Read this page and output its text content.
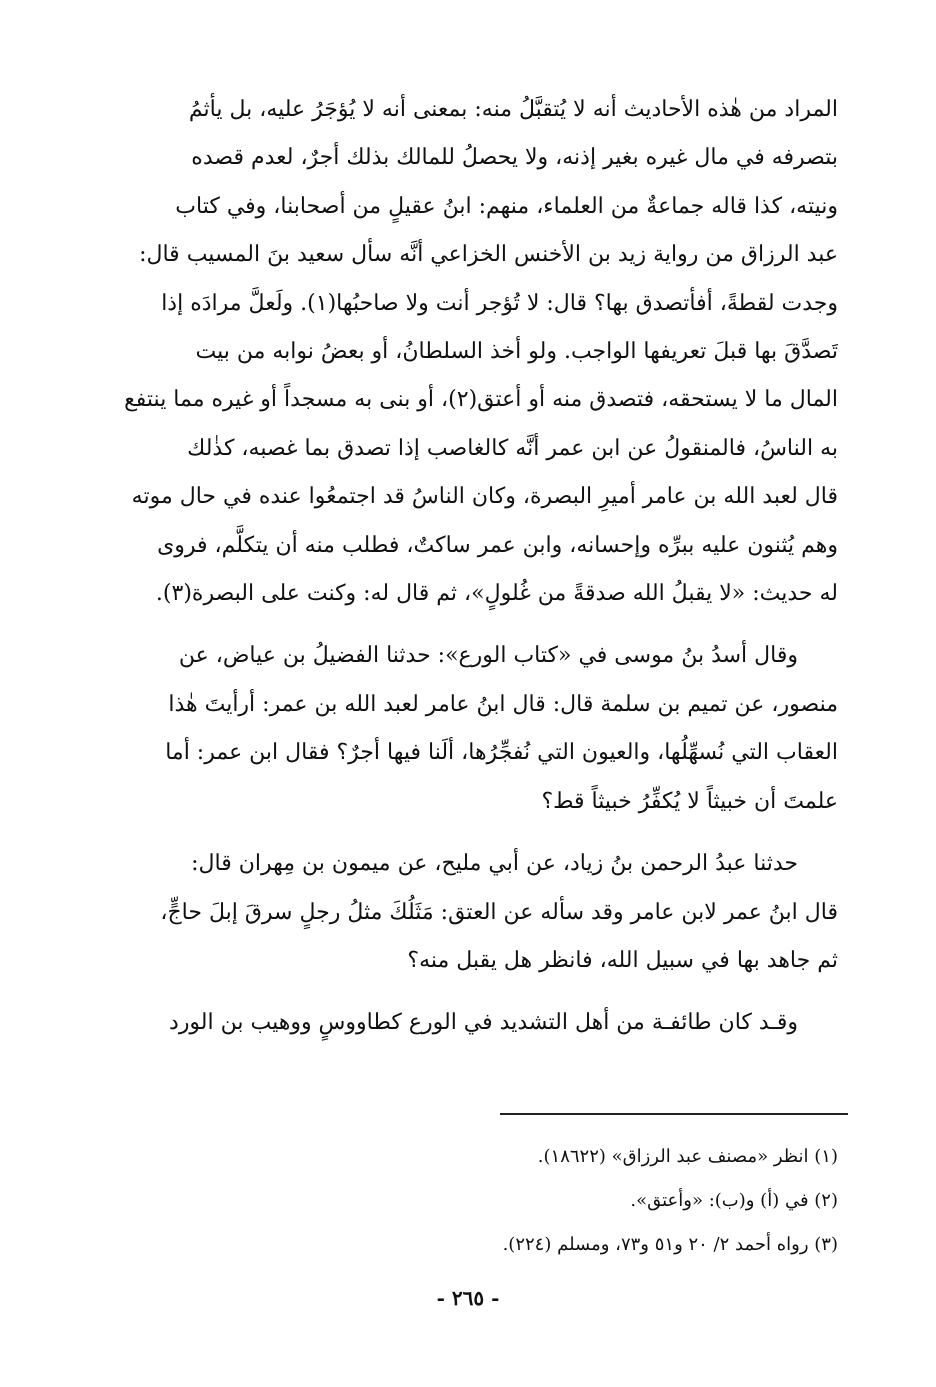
المراد من هٰذه الأحاديث أنه لا يُتقبَّلُ منه: بمعنى أنه لا يُؤجَرُ عليه، بل يأثمُ

بتصرفه في مال غيره بغير إذنه، ولا يحصلُ للمالك بذلك أجرٌ، لعدم قصده

ونيته، كذا قاله جماعةٌ من العلماء، منهم: ابنُ عقيلٍ من أصحابنا، وفي كتاب

عبد الرزاق من رواية زيد بن الأخنس الخزاعي أنَّه سأل سعيد بنَ المسيب قال:

وجدت لقطةً، أفأتصدق بها؟ قال: لا تُؤجر أنت ولا صاحبُها(١). ولَعلَّ مرادَه إذا

تَصدَّقَ بها قبلَ تعريفها الواجب. ولو أخذ السلطانُ، أو بعضُ نوابه من بيت

المال ما لا يستحقه، فتصدق منه أو أعتق(٢)، أو بنى به مسجداً أو غيره مما ينتفع

به الناسُ، فالمنقولُ عن ابن عمر أنَّه كالغاصب إذا تصدق بما غصبه، كذٰلك

قال لعبد الله بن عامر أميرِ البصرة، وكان الناسُ قد اجتمعُوا عنده في حال موته

وهم يُثنون عليه ببرِّه وإحسانه، وابن عمر ساكتٌ، فطلب منه أن يتكلَّم، فروى

له حديث: «لا يقبلُ الله صدقةً من غُلولٍ»، ثم قال له: وكنت على البصرة(٣).

وقال أسدُ بنُ موسى في «كتاب الورع»: حدثنا الفضيلُ بن عياض، عن

منصور، عن تميم بن سلمة قال: قال ابنُ عامر لعبد الله بن عمر: أرأيتَ هٰذا

العقاب التي نُسهِّلُها، والعيون التي نُفجِّرُها، ألَنا فيها أجرٌ؟ فقال ابن عمر: أما

علمتَ أن خبيثاً لا يُكفِّرُ خبيثاً قط؟

حدثنا عبدُ الرحمن بنُ زياد، عن أبي مليح، عن ميمون بن مِهران قال:

قال ابنُ عمر لابن عامر وقد سأله عن العتق: مَثَلُكَ مثلُ رجلٍ سرقَ إبلَ حاجٍّ،

ثم جاهد بها في سبيل الله، فانظر هل يقبل منه؟

وقـد كان طائفـة من أهل التشديد في الورع كطاووسٍ ووهيب بن الورد

(١) انظر «مصنف عبد الرزاق» (١٨٦٢٢).

(٢) في (أ) و(ب): «وأعتق».

(٣) رواه أحمد ٢/ ٢٠ و٥١ و٧٣، ومسلم (٢٢٤).

- ٢٦٥ -
